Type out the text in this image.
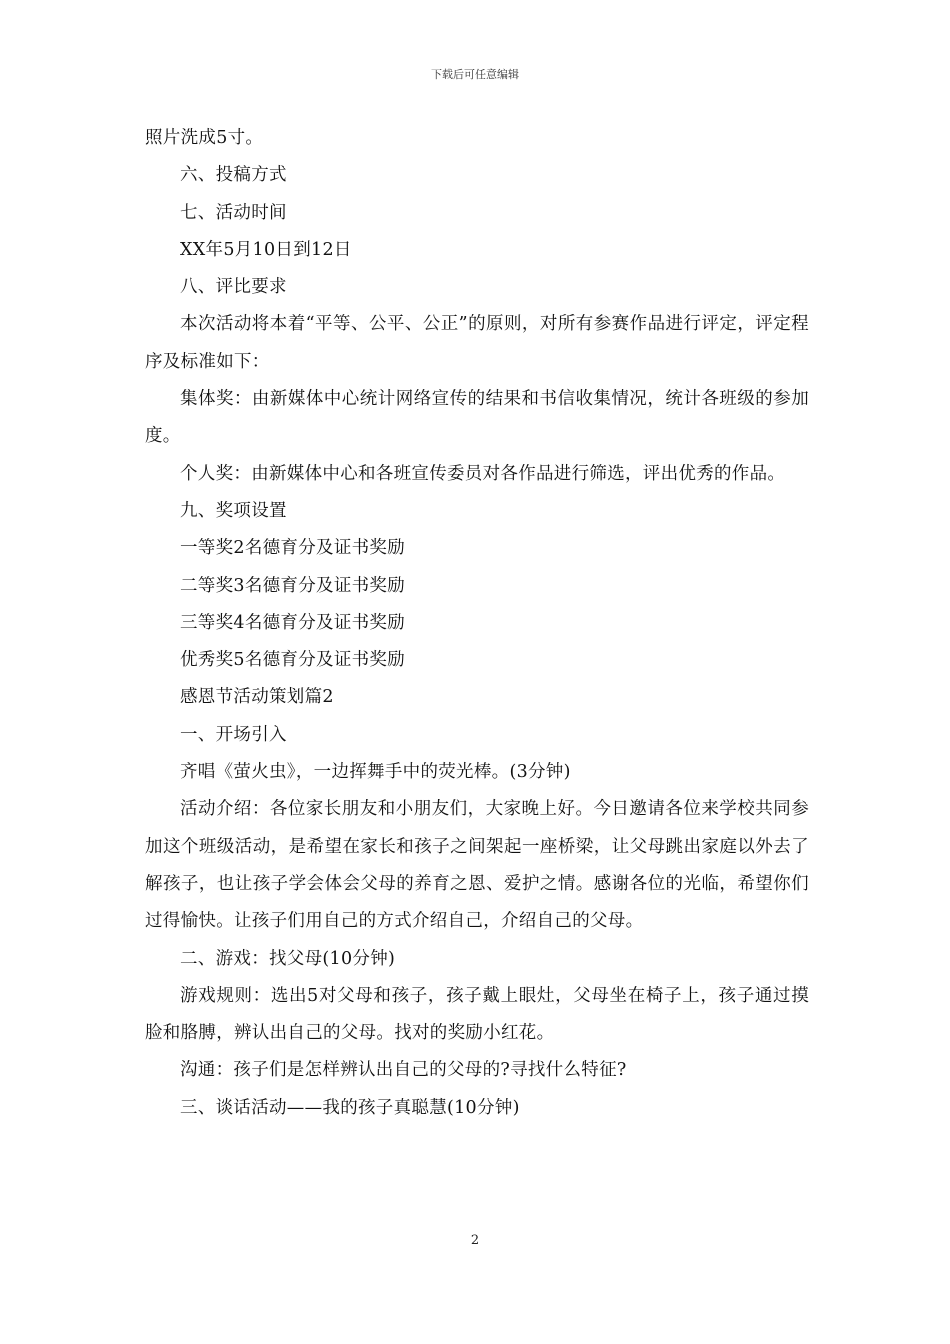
下载后可任意编辑

照片洗成5寸。

六、投稿方式

七、活动时间

XX年5月10日到12日

八、评比要求

本次活动将本着“平等、公平、公正”的原则，对所有参赛作品进行评定，评定程序及标准如下：

集体奖：由新媒体中心统计网络宣传的结果和书信收集情况，统计各班级的参加度。

个人奖：由新媒体中心和各班宣传委员对各作品进行筛选，评出优秀的作品。

九、奖项设置

一等奖2名德育分及证书奖励

二等奖3名德育分及证书奖励

三等奖4名德育分及证书奖励

优秀奖5名德育分及证书奖励

感恩节活动策划篇2

一、开场引入

齐唱《萤火虫》，一边挥舞手中的荧光棒。(3分钟)

活动介绍：各位家长朋友和小朋友们，大家晚上好。今日邀请各位来学校共同参加这个班级活动，是希望在家长和孩子之间架起一座桥梁，让父母跳出家庭以外去了解孩子，也让孩子学会体会父母的养育之恩、爱护之情。感谢各位的光临，希望你们过得愉快。让孩子们用自己的方式介绍自己，介绍自己的父母。

二、游戏：找父母(10分钟)

游戏规则：选出5对父母和孩子，孩子戴上眼灶，父母坐在椅子上，孩子通过摸脸和胳膊，辨认出自己的父母。找对的奖励小红花。

沟通：孩子们是怎样辨认出自己的父母的?寻找什么特征?

三、谈话活动——我的孩子真聪慧(10分钟)

2
